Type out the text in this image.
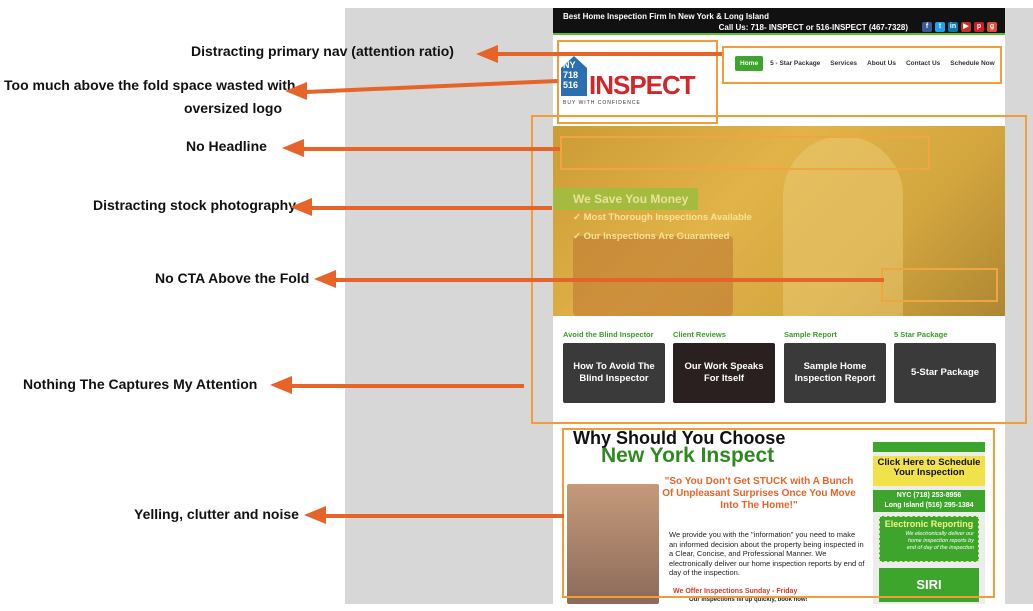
Best Home Inspection Firm In New York & Long Island
Call Us: 718- INSPECT or 516-INSPECT (467-7328)	f	t	in	▶	p	g
NY
718
516 INSPECT
BUY WITH CONFIDENCE
Home	5 - Star Package	Services	About Us	Contact Us	Schedule Now
We Save You Money
✓ Most Thorough Inspections Available
✓ Our Inspections Are Guaranteed
Avoid the Blind Inspector
How To Avoid The Blind Inspector
Client Reviews
Our Work Speaks For Itself
Sample Report
Sample Home Inspection Report
5 Star Package
5-Star Package
Why Should You Choose
New York Inspect
"So You Don't Get STUCK with A Bunch Of Unpleasant Surprises Once You Move Into The Home!"
We provide you with the "information" you need to make an informed decision about the property being inspected in a Clear, Concise, and Professional Manner. We electronically deliver our home inspection reports by end of day of the inspection.
We Offer Inspections Sunday - Friday
Our Inspections fill up quickly, book now!
Click Here to Schedule Your Inspection
NYC (718) 253-8956
Long Island (516) 295-1384
Electronic Reporting
We electronically deliver our home inspection reports by end of day of the inspection
SIRI
Distracting primary nav (attention ratio)
Too much above the fold space wasted with
oversized logo
No Headline
Distracting stock photography
No CTA Above the Fold
Nothing The Captures My Attention
Yelling, clutter and noise
